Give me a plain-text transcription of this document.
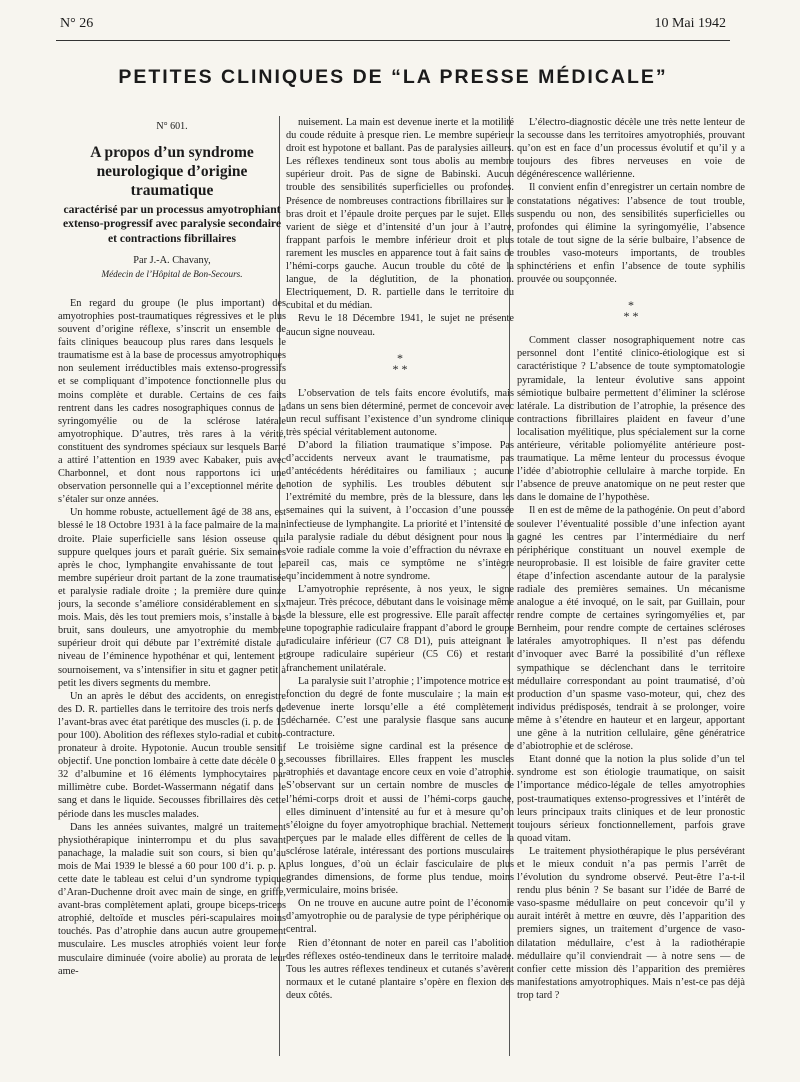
N° 26	10 Mai 1942
PETITES CLINIQUES DE “LA PRESSE MÉDICALE”
N° 601.
A propos d’un syndrome neurologique d’origine traumatique
caractérisé par un processus amyotrophiant extenso-progressif avec paralysie secondaire et contractions fibrillaires
Par J.-A. Chavany,
Médecin de l’Hôpital de Bon-Secours.

En regard du groupe (le plus important) des amyotrophies post-traumatiques régressives et le plus souvent d’origine réflexe, s’inscrit un ensemble de faits cliniques beaucoup plus rares dans lesquels le traumatisme est à la base de processus amyotrophiques non seulement irréductibles mais extenso-progressifs et se compliquant d’impotence fonctionnelle plus ou moins complète et durable. Certains de ces faits rentrent dans les cadres nosographiques connus de la syringomyélie ou de la sclérose latérale amyotrophique. D’autres, très rares à la vérité, constituent des syndromes spéciaux sur lesquels Barré a attiré l’attention en 1939 avec Kabaker, puis avec Charbonnel, et dont nous rapportons ici une observation personnelle qui a l’exceptionnel mérite de s’étaler sur onze années.

Un homme robuste, actuellement âgé de 38 ans, est blessé le 18 Octobre 1931 à la face palmaire de la main droite. Plaie superficielle sans lésion osseuse qui suppure quelques jours et paraît guérie. Six semaines après le choc, lymphangite envahissante de tout le membre supérieur droit partant de la zone traumatisée et paralysie radiale droite ; la première dure quinze jours, la seconde s’améliore considérablement en six mois. Mais, dès les tout premiers mois, s’installe à bas bruit, sans douleurs, une amyotrophie du membre supérieur droit qui débute par l’extrémité distale au niveau de l’éminence hypothénar et qui, lentement et sournoisement, va s’intensifier in situ et gagner petit à petit les divers segments du membre.

Un an après le début des accidents, on enregistre des D. R. partielles dans le territoire des trois nerfs de l’avant-bras avec état parétique des muscles (i. p. de 15 pour 100). Abolition des réflexes stylo-radial et cubito-pronateur à droite. Hypotonie. Aucun trouble sensitif objectif. Une ponction lombaire à cette date décèle 0 g. 32 d’albumine et 16 éléments lymphocytaires par millimètre cube. Bordet-Wassermann négatif dans le sang et dans le liquide. Secousses fibrillaires dès cette période dans les muscles malades.

Dans les années suivantes, malgré un traitement physiothérapique ininterrompu et du plus savant panachage, la maladie suit son cours, si bien qu’au mois de Mai 1939 le blessé a 60 pour 100 d’i. p. p. A cette date le tableau est celui d’un syndrome typique d’Aran-Duchenne droit avec main de singe, en griffe, avant-bras complètement aplati, groupe biceps-triceps atrophié, deltoïde et muscles péri-scapulaires moins touchés. Pas d’atrophie dans aucun autre groupement musculaire. Les muscles atrophiés voient leur force musculaire diminuée (voire abolie) au prorata de leur ame-

nuisement. La main est devenue inerte et la motilité du coude réduite à presque rien. Le membre supérieur droit est hypotone et ballant. Pas de paralysies ailleurs. Les réflexes tendineux sont tous abolis au membre supérieur droit. Pas de signe de Babinski. Aucun trouble des sensibilités superficielles ou profondes. Présence de nombreuses contractions fibrillaires sur le bras droit et l’épaule droite perçues par le sujet. Elles varient de siège et d’intensité d’un jour à l’autre, frappant parfois le membre inférieur droit et plus rarement les muscles en apparence tout à fait sains de l’hémi-corps gauche. Aucun trouble du côté de la langue, de la déglutition, de la phonation. Electriquement, D. R. partielle dans le territoire du cubital et du médian.

Revu le 18 Décembre 1941, le sujet ne présente aucun signe nouveau.

*
* *

L’observation de tels faits encore évolutifs, mais dans un sens bien déterminé, permet de concevoir avec un recul suffisant l’existence d’un syndrome clinique très spécial véritablement autonome.

D’abord la filiation traumatique s’impose. Pas d’accidents nerveux avant le traumatisme, pas d’antécédents héréditaires ou familiaux ; aucune notion de syphilis. Les troubles débutent sur l’extrémité du membre, près de la blessure, dans les semaines qui la suivent, à l’occasion d’une poussée infectieuse de lymphangite. La priorité et l’intensité de la paralysie radiale du début désignent pour nous la voie radiale comme la voie d’effraction du névraxe en pareil cas, mais ce symptôme ne s’intègre qu’incidemment à notre syndrome.

L’amyotrophie représente, à nos yeux, le signe majeur. Très précoce, débutant dans le voisinage même de la blessure, elle est progressive. Elle paraît affecter une topographie radiculaire frappant d’abord le groupe radiculaire inférieur (C7 C8 D1), puis atteignant le groupe radiculaire supérieur (C5 C6) et restant franchement unilatérale.

La paralysie suit l’atrophie ; l’impotence motrice est fonction du degré de fonte musculaire ; la main est devenue inerte lorsqu’elle a été complètement décharnée. C’est une paralysie flasque sans aucune contracture.

Le troisième signe cardinal est la présence de secousses fibrillaires. Elles frappent les muscles atrophiés et davantage encore ceux en voie d’atrophie. S’observant sur un certain nombre de muscles de l’hémi-corps droit et aussi de l’hémi-corps gauche, elles diminuent d’intensité au fur et à mesure qu’on s’éloigne du foyer amyotrophique brachial. Nettement perçues par le malade elles diffèrent de celles de la sclérose latérale, intéressant des portions musculaires plus longues, d’où un éclair fasciculaire de plus grandes dimensions, de forme plus tendue, moins vermiculaire, moins brisée.

On ne trouve en aucune autre point de l’économie d’amyotrophie ou de paralysie de type périphérique ou central.

Rien d’étonnant de noter en pareil cas l’abolition des réflexes ostéo-tendineux dans le territoire malade. Tous les autres réflexes tendineux et cutanés s’avèrent normaux et le cutané plantaire s’opère en flexion des deux côtés.

L’électro-diagnostic décèle une très nette lenteur de la secousse dans les territoires amyotrophiés, prouvant qu’on est en face d’un processus évolutif et qu’il y a toujours des fibres nerveuses en voie de dégénérescence wallérienne.

Il convient enfin d’enregistrer un certain nombre de constatations négatives: l’absence de tout trouble, suspendu ou non, des sensibilités superficielles ou profondes qui élimine la syringomyélie, l’absence totale de tout signe de la série bulbaire, l’absence de troubles vaso-moteurs importants, de troubles sphinctériens et enfin l’absence de toute syphilis prouvée ou soupçonnée.

*
* *

Comment classer nosographiquement notre cas personnel dont l’entité clinico-étiologique est si caractéristique ? L’absence de toute symptomatologie pyramidale, la lenteur évolutive sans appoint sémiotique bulbaire permettent d’éliminer la sclérose latérale. La distribution de l’atrophie, la présence des contractions fibrillaires plaident en faveur d’une localisation myélitique, plus spécialement sur la corne antérieure, véritable poliomyélite antérieure post-traumatique. La même lenteur du processus évoque l’idée d’abiotrophie cellulaire à marche torpide. En l’absence de preuve anatomique on ne peut rester que dans le domaine de l’hypothèse.

Il en est de même de la pathogénie. On peut d’abord soulever l’éventualité possible d’une infection ayant gagné les centres par l’intermédiaire du nerf périphérique constituant un nouvel exemple de neuroprobasie. Il est loisible de faire graviter cette étape d’infection ascendante autour de la paralysie radiale des premières semaines. Un mécanisme analogue a été invoqué, on le sait, par Guillain, pour rendre compte de certaines syringomyélies et, par Bernheim, pour rendre compte de certaines scléroses latérales amyotrophiques. Il n’est pas défendu d’invoquer avec Barré la possibilité d’un réflexe sympathique se déclenchant dans le territoire médullaire correspondant au point traumatisé, d’où production d’un spasme vaso-moteur, qui, chez des individus prédisposés, tendrait à se prolonger, voire même à s’étendre en hauteur et en largeur, apportant une gêne à la nutrition cellulaire, gêne génératrice d’abiotrophie et de sclérose.

Etant donné que la notion la plus solide d’un tel syndrome est son étiologie traumatique, on saisit l’importance médico-légale de telles amyotrophies post-traumatiques extenso-progressives et l’intérêt de leurs principaux traits cliniques et de leur pronostic toujours sérieux fonctionnellement, parfois grave quoad vitam.

Le traitement physiothérapique le plus persévérant et le mieux conduit n’a pas permis l’arrêt de l’évolution du syndrome observé. Peut-être l’a-t-il rendu plus bénin ? Se basant sur l’idée de Barré de vaso-spasme médullaire on peut concevoir qu’il y aurait intérêt à mettre en œuvre, dès l’apparition des premiers signes, un traitement d’urgence de vaso-dilatation médullaire, c’est à la radiothérapie médullaire qu’il conviendrait — à notre sens — de confier cette mission dès l’apparition des premières manifestations amyotrophiques. Mais n’est-ce pas déjà trop tard ?
